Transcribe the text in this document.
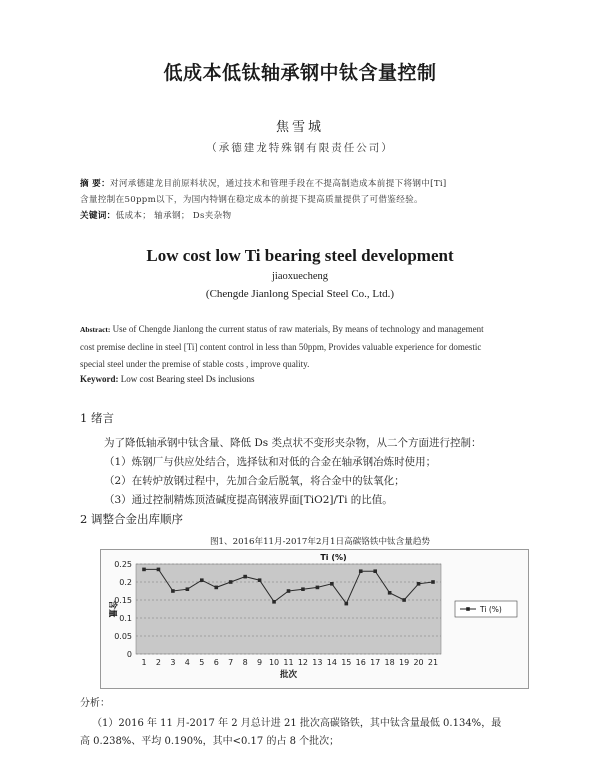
低成本低钛轴承钢中钛含量控制
焦雪城
（承德建龙特殊钢有限责任公司）
摘 要：对河承德建龙目前原料状况，通过技术和管理手段在不提高制造成本前提下将钢中[Ti]
含量控制在50ppm以下，为国内特钢在稳定成本的前提下提高质量提供了可借鉴经验。
关键词：低成本； 轴承钢； Ds夹杂物
Low cost low Ti bearing steel development
jiaoxuecheng
(Chengde Jianlong Special Steel Co., Ltd.)
Abstract: Use of Chengde Jianlong the current status of raw materials, By means of technology and management
cost premise decline in steel [Ti] content control in less than 50ppm, Provides valuable experience for domestic
special steel under the premise of stable costs , improve quality.
Keyword: Low cost Bearing steel Ds inclusions
1 绪言
为了降低轴承钢中钛含量、降低 Ds 类点状不变形夹杂物，从二个方面进行控制：
（1）炼钢厂与供应处结合，选择钛和对低的合金在轴承钢冶炼时使用；
（2）在转炉放钢过程中，先加合金后脱氧，将合金中的钛氧化；
（3）通过控制精炼顶渣碱度提高钢液界面[TiO2]/Ti 的比值。
2 调整合金出库顺序
图1、2016年11月-2017年2月1日高碳铬铁中钛含量趋势
0
0.05
0.1
0.15
0.2
0.25
1 2 3 4 5 6 7 8 9 10 11 12 13 14 15 16 17 18 19 20 21
Ti (%)
批次
含量	Ti (%)
分析：
（1）2016 年 11 月-2017 年 2 月总计进 21 批次高碳铬铁，其中钛含量最低 0.134%，最
高 0.238%、平均 0.190%，其中<0.17 的占 8 个批次；
